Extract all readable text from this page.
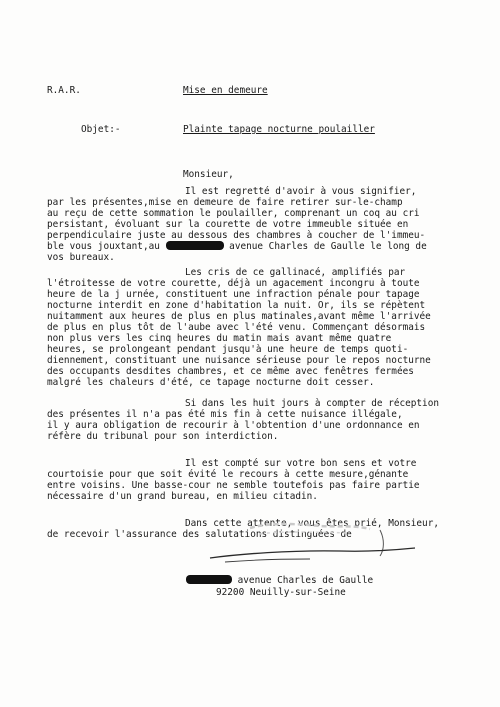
R.A.R.	Mise en demeure
Objet:-	Plainte tapage nocturne poulailler
Monsieur,
Il est regretté d'avoir à vous signifier,
par les présentes,mise en demeure de faire retirer sur-le-champ
au reçu de cette sommation le poulailler, comprenant un coq au cri
persistant, évoluant sur la courette de votre immeuble située en
perpendiculaire juste au dessous des chambres à coucher de l'immeu-
ble vous jouxtant,au	avenue Charles de Gaulle le long de
vos bureaux.
Les cris de ce gallinacé, amplifiés par
l'étroitesse de votre courette, déjà un agacement incongru à toute
heure de la j urnée, constituent une infraction pénale pour tapage
nocturne interdit en zone d'habitation la nuit. Or, ils se répètent
nuitamment aux heures de plus en plus matinales,avant même l'arrivée
de plus en plus tôt de l'aube avec l'été venu. Commençant désormais
non plus vers les cinq heures du matin mais avant même quatre
heures, se prolongeant pendant jusqu'à une heure de temps quoti-
diennement, constituant une nuisance sérieuse pour le repos nocturne
des occupants desdites chambres, et ce même avec fenêtres fermées
malgré les chaleurs d'été, ce tapage nocturne doit cesser.
Si dans les huit jours à compter de réception
des présentes il n'a pas été mis fin à cette nuisance illégale,
il y aura obligation de recourir à l'obtention d'une ordonnance en
réfère du tribunal pour son interdiction.
Il est compté sur votre bon sens et votre
courtoisie pour que soit évité le recours à cette mesure,génante
entre voisins. Une basse-cour ne semble toutefois pas faire partie
nécessaire d'un grand bureau, en milieu citadin.
Dans cette attente, vous êtes prié, Monsieur,
de recevoir l'assurance des salutations distinguées de
avenue Charles de Gaulle
92200 Neuilly-sur-Seine
